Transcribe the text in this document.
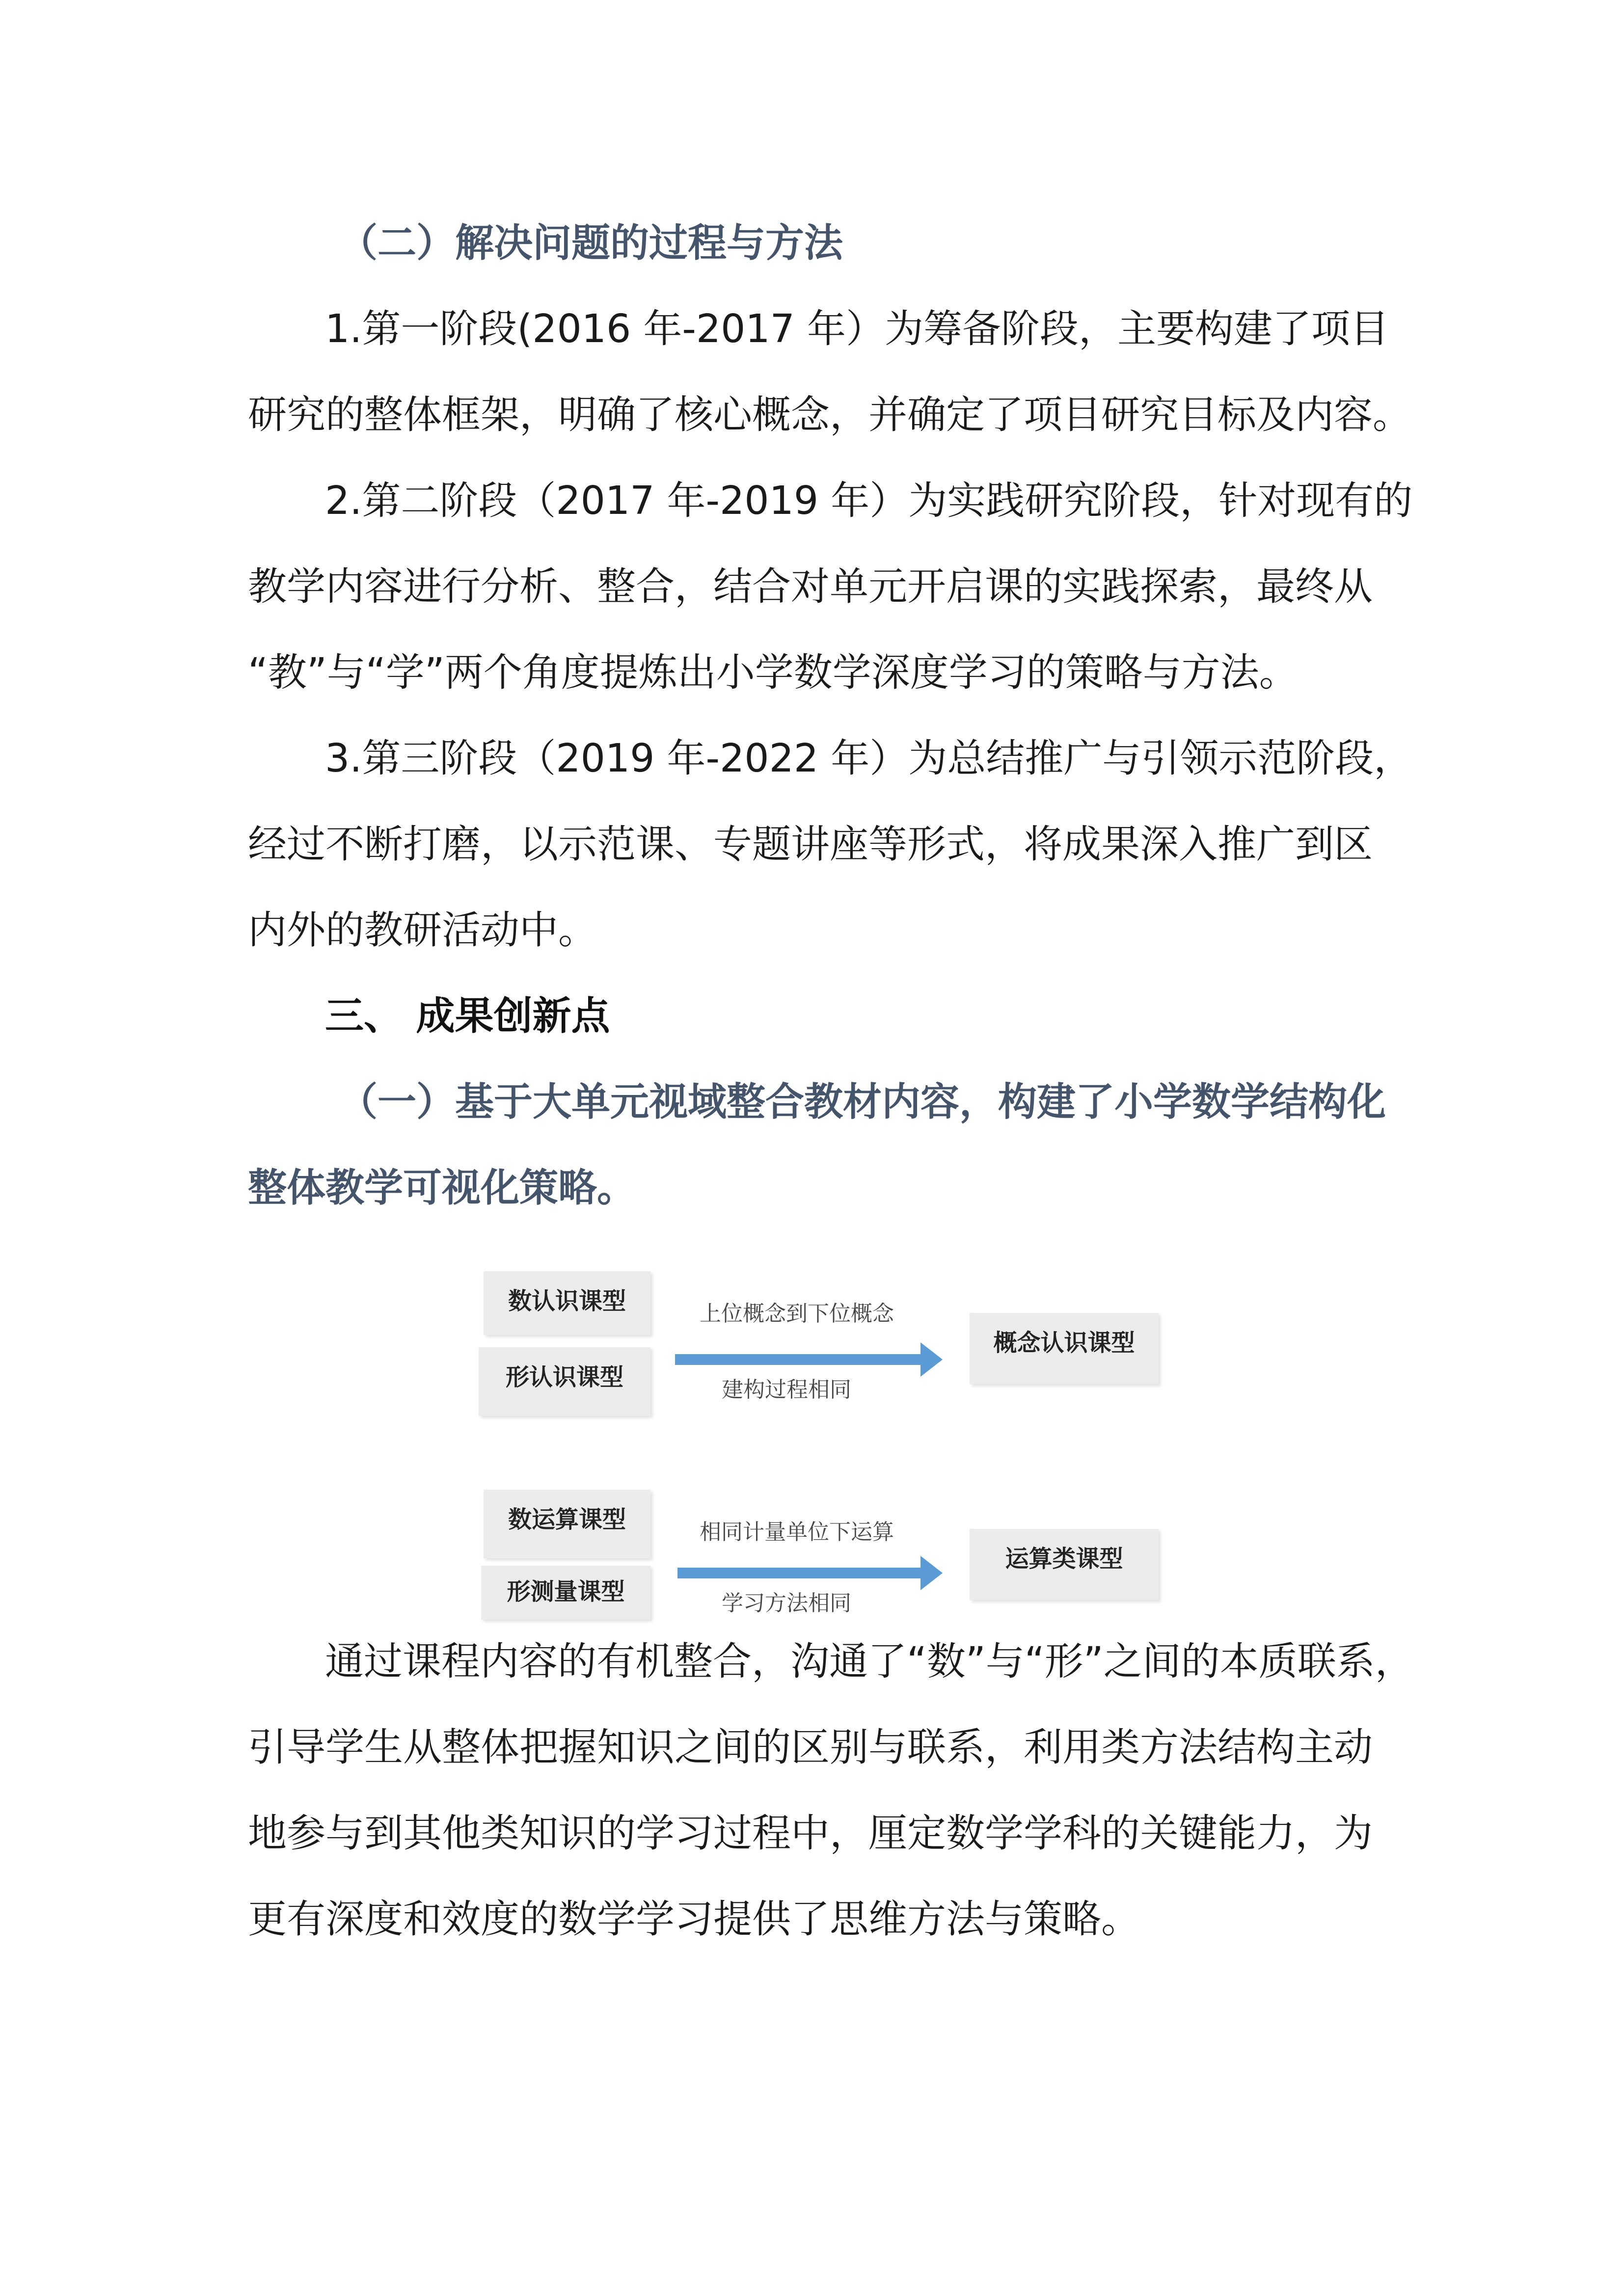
（二）解决问题的过程与方法
1.第一阶段(2016 年-2017 年）为筹备阶段，主要构建了项目
研究的整体框架，明确了核心概念，并确定了项目研究目标及内容。
2.第二阶段（2017 年-2019 年）为实践研究阶段，针对现有的
教学内容进行分析、整合，结合对单元开启课的实践探索，最终从
“教”与“学”两个角度提炼出小学数学深度学习的策略与方法。
3.第三阶段（2019 年-2022 年）为总结推广与引领示范阶段，
经过不断打磨，以示范课、专题讲座等形式，将成果深入推广到区
内外的教研活动中。
三、 成果创新点
（一）基于大单元视域整合教材内容，构建了小学数学结构化
整体教学可视化策略。
数认识课型
形认识课型
上位概念到下位概念
建构过程相同
概念认识课型
数运算课型
形测量课型
相同计量单位下运算
学习方法相同
运算类课型
通过课程内容的有机整合，沟通了“数”与“形”之间的本质联系，
引导学生从整体把握知识之间的区别与联系，利用类方法结构主动
地参与到其他类知识的学习过程中，厘定数学学科的关键能力，为
更有深度和效度的数学学习提供了思维方法与策略。
